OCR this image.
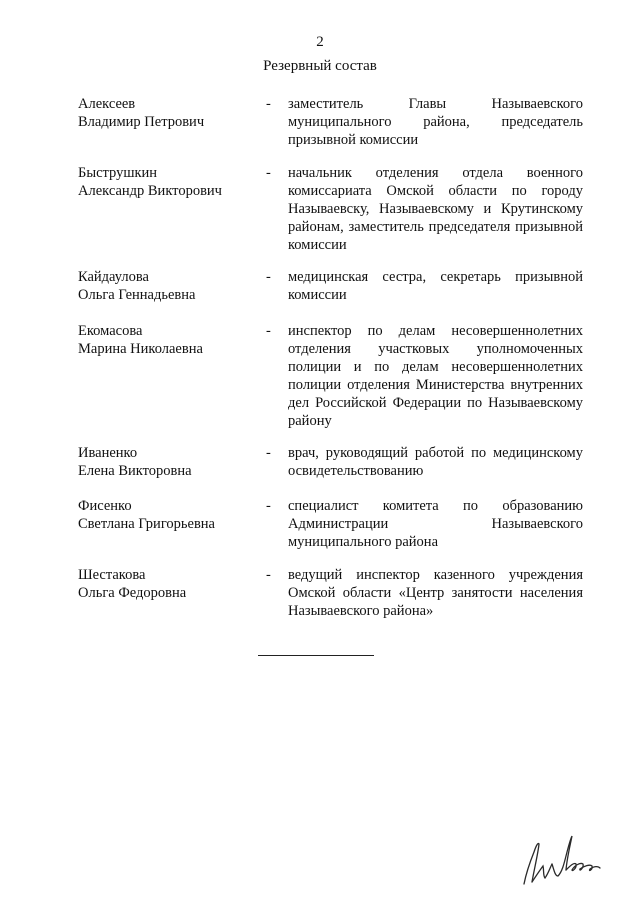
2
Резервный состав
Алексеев
Владимир Петрович
-	заместитель Главы Называевского муниципального района, председатель призывной комиссии
Быструшкин
Александр Викторович
-	начальник отделения отдела военного комиссариата Омской области по городу Называевску, Называевскому и Крутинскому районам, заместитель председателя призывной комиссии
Кайдаулова
Ольга Геннадьевна
-	медицинская сестра, секретарь призывной комиссии
Екомасова
Марина Николаевна
-	инспектор по делам несовершеннолетних отделения участковых уполномоченных полиции и по делам несовершеннолетних полиции отделения Министерства внутренних дел Российской Федерации по Называевскому району
Иваненко
Елена Викторовна
-	врач, руководящий работой по медицинскому освидетельствованию
Фисенко
Светлана Григорьевна
-	специалист комитета по образованию Администрации Называевского муниципального района
Шестакова
Ольга Федоровна
-	ведущий инспектор казенного учреждения Омской области «Центр занятости населения Называевского района»
